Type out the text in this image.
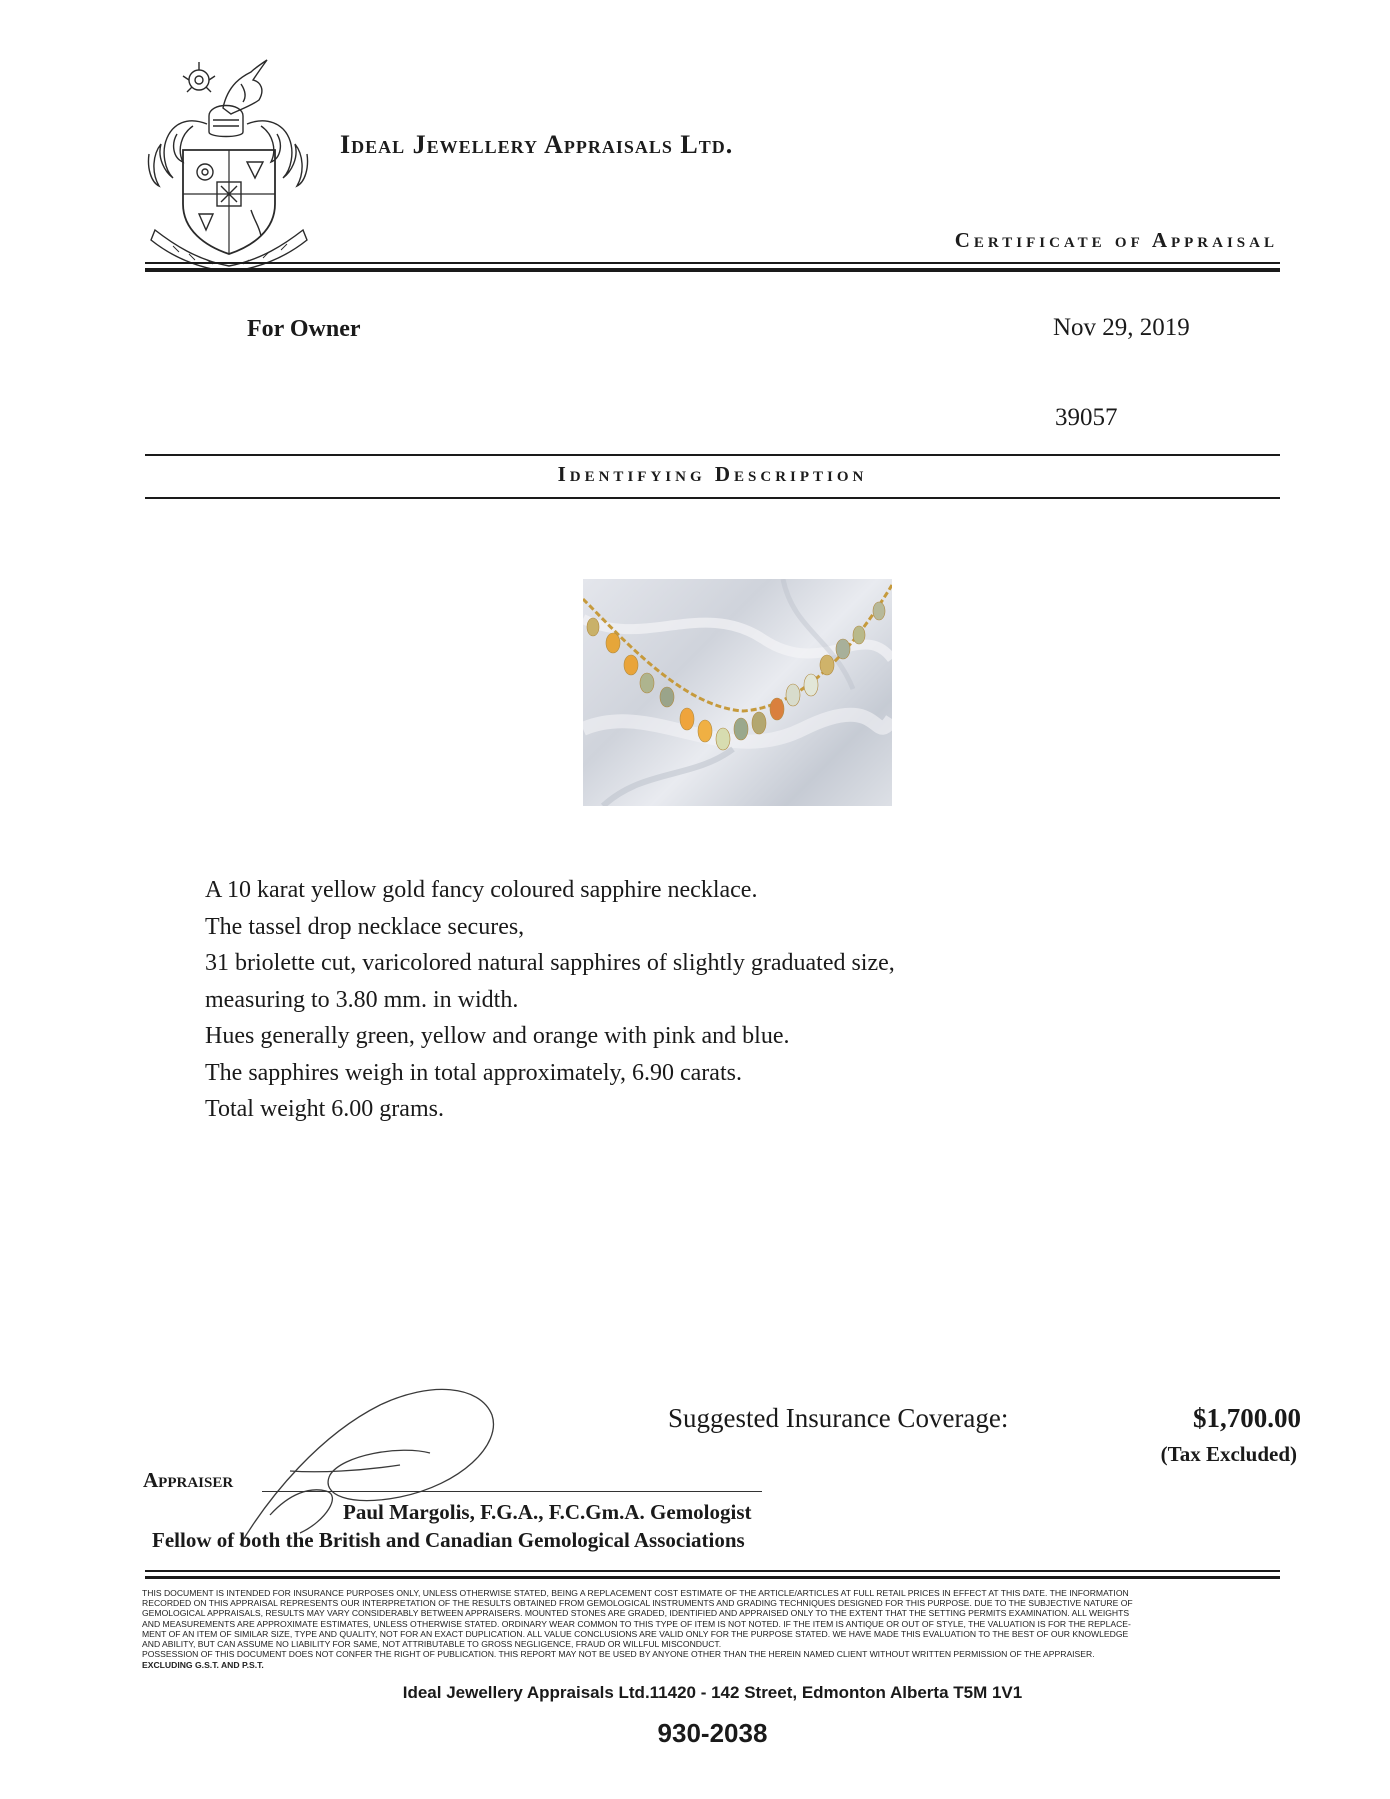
Ideal Jewellery Appraisals Ltd.
Certificate of Appraisal
For Owner	Nov 29, 2019
39057
Identifying Description
A 10 karat yellow gold fancy coloured sapphire necklace.
The tassel drop necklace secures,
31 briolette cut, varicolored natural sapphires of slightly graduated size,
measuring to 3.80 mm. in width.
Hues generally green, yellow and orange with pink and blue.
The sapphires weigh in total approximately, 6.90 carats.
Total weight 6.00 grams.
Suggested Insurance Coverage:	$1,700.00
(Tax Excluded)
Appraiser
Paul Margolis, F.G.A., F.C.Gm.A. Gemologist
Fellow of both the British and Canadian Gemological Associations
THIS DOCUMENT IS INTENDED FOR INSURANCE PURPOSES ONLY, UNLESS OTHERWISE STATED, BEING A REPLACEMENT COST ESTIMATE OF THE ARTICLE/ARTICLES AT FULL RETAIL PRICES IN EFFECT AT THIS DATE. THE INFORMATION
RECORDED ON THIS APPRAISAL REPRESENTS OUR INTERPRETATION OF THE RESULTS OBTAINED FROM GEMOLOGICAL INSTRUMENTS AND GRADING TECHNIQUES DESIGNED FOR THIS PURPOSE. DUE TO THE SUBJECTIVE NATURE OF
GEMOLOGICAL APPRAISALS, RESULTS MAY VARY CONSIDERABLY BETWEEN APPRAISERS. MOUNTED STONES ARE GRADED, IDENTIFIED AND APPRAISED ONLY TO THE EXTENT THAT THE SETTING PERMITS EXAMINATION. ALL WEIGHTS
AND MEASUREMENTS ARE APPROXIMATE ESTIMATES, UNLESS OTHERWISE STATED. ORDINARY WEAR COMMON TO THIS TYPE OF ITEM IS NOT NOTED. IF THE ITEM IS ANTIQUE OR OUT OF STYLE, THE VALUATION IS FOR THE REPLACE-
MENT OF AN ITEM OF SIMILAR SIZE, TYPE AND QUALITY, NOT FOR AN EXACT DUPLICATION. ALL VALUE CONCLUSIONS ARE VALID ONLY FOR THE PURPOSE STATED. WE HAVE MADE THIS EVALUATION TO THE BEST OF OUR KNOWLEDGE
AND ABILITY, BUT CAN ASSUME NO LIABILITY FOR SAME, NOT ATTRIBUTABLE TO GROSS NEGLIGENCE, FRAUD OR WILLFUL MISCONDUCT.
POSSESSION OF THIS DOCUMENT DOES NOT CONFER THE RIGHT OF PUBLICATION. THIS REPORT MAY NOT BE USED BY ANYONE OTHER THAN THE HEREIN NAMED CLIENT WITHOUT WRITTEN PERMISSION OF THE APPRAISER.
EXCLUDING G.S.T. AND P.S.T.
Ideal Jewellery Appraisals Ltd.11420 - 142 Street, Edmonton Alberta T5M 1V1
930-2038
